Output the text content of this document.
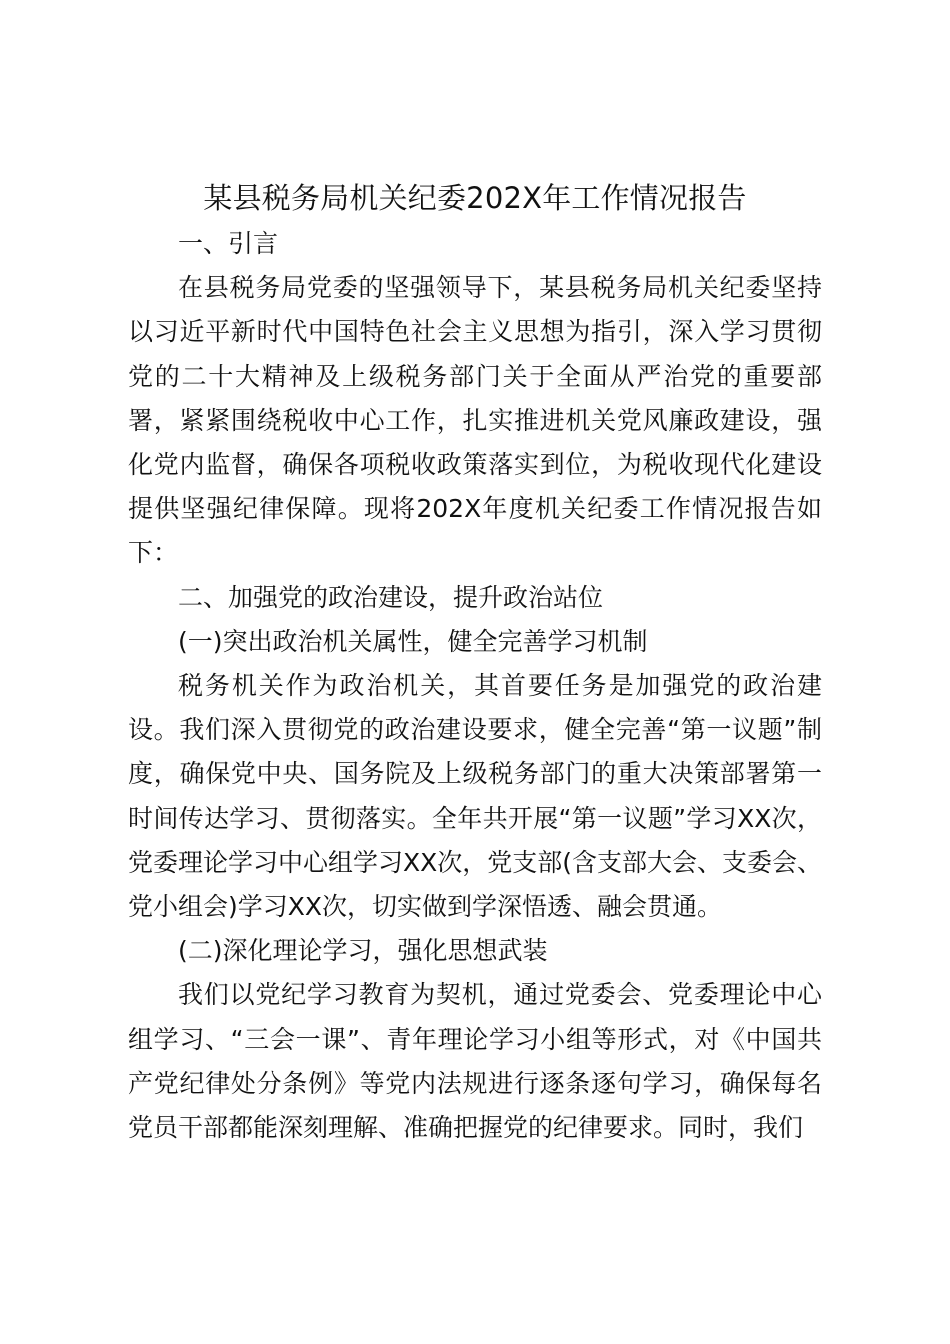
某县税务局机关纪委202X年工作情况报告

一、引言

在县税务局党委的坚强领导下，某县税务局机关纪委坚持以习近平新时代中国特色社会主义思想为指引，深入学习贯彻党的二十大精神及上级税务部门关于全面从严治党的重要部署，紧紧围绕税收中心工作，扎实推进机关党风廉政建设，强化党内监督，确保各项税收政策落实到位，为税收现代化建设提供坚强纪律保障。现将202X年度机关纪委工作情况报告如下：

二、加强党的政治建设，提升政治站位

(一)突出政治机关属性，健全完善学习机制

税务机关作为政治机关，其首要任务是加强党的政治建设。我们深入贯彻党的政治建设要求，健全完善“第一议题”制度，确保党中央、国务院及上级税务部门的重大决策部署第一时间传达学习、贯彻落实。全年共开展“第一议题”学习XX次，党委理论学习中心组学习XX次，党支部(含支部大会、支委会、党小组会)学习XX次，切实做到学深悟透、融会贯通。

(二)深化理论学习，强化思想武装

我们以党纪学习教育为契机，通过党委会、党委理论中心组学习、“三会一课”、青年理论学习小组等形式，对《中国共产党纪律处分条例》等党内法规进行逐条逐句学习，确保每名党员干部都能深刻理解、准确把握党的纪律要求。同时，我们
